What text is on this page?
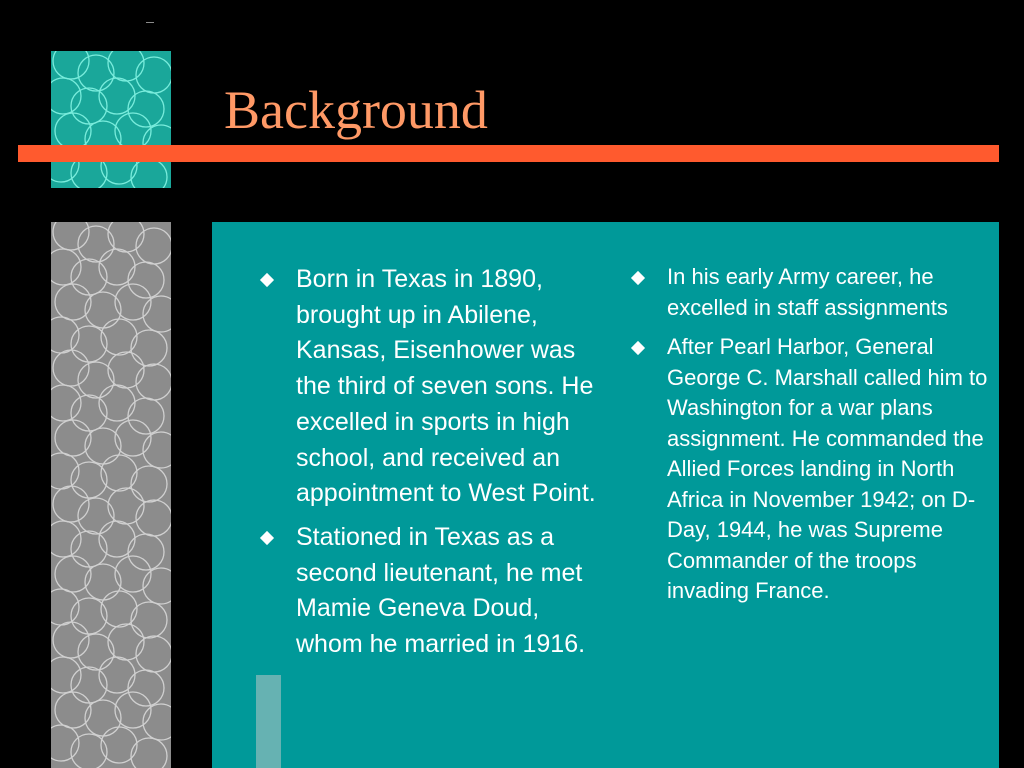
Background
Born in Texas in 1890, brought up in Abilene, Kansas, Eisenhower was the third of seven sons. He excelled in sports in high school, and received an appointment to West Point.
Stationed in Texas as a second lieutenant, he met Mamie Geneva Doud, whom he married in 1916.
In his early Army career, he excelled in staff assignments
After Pearl Harbor, General George C. Marshall called him to Washington for a war plans assignment. He commanded the Allied Forces landing in North Africa in November 1942; on D-Day, 1944, he was Supreme Commander of the troops invading France.
